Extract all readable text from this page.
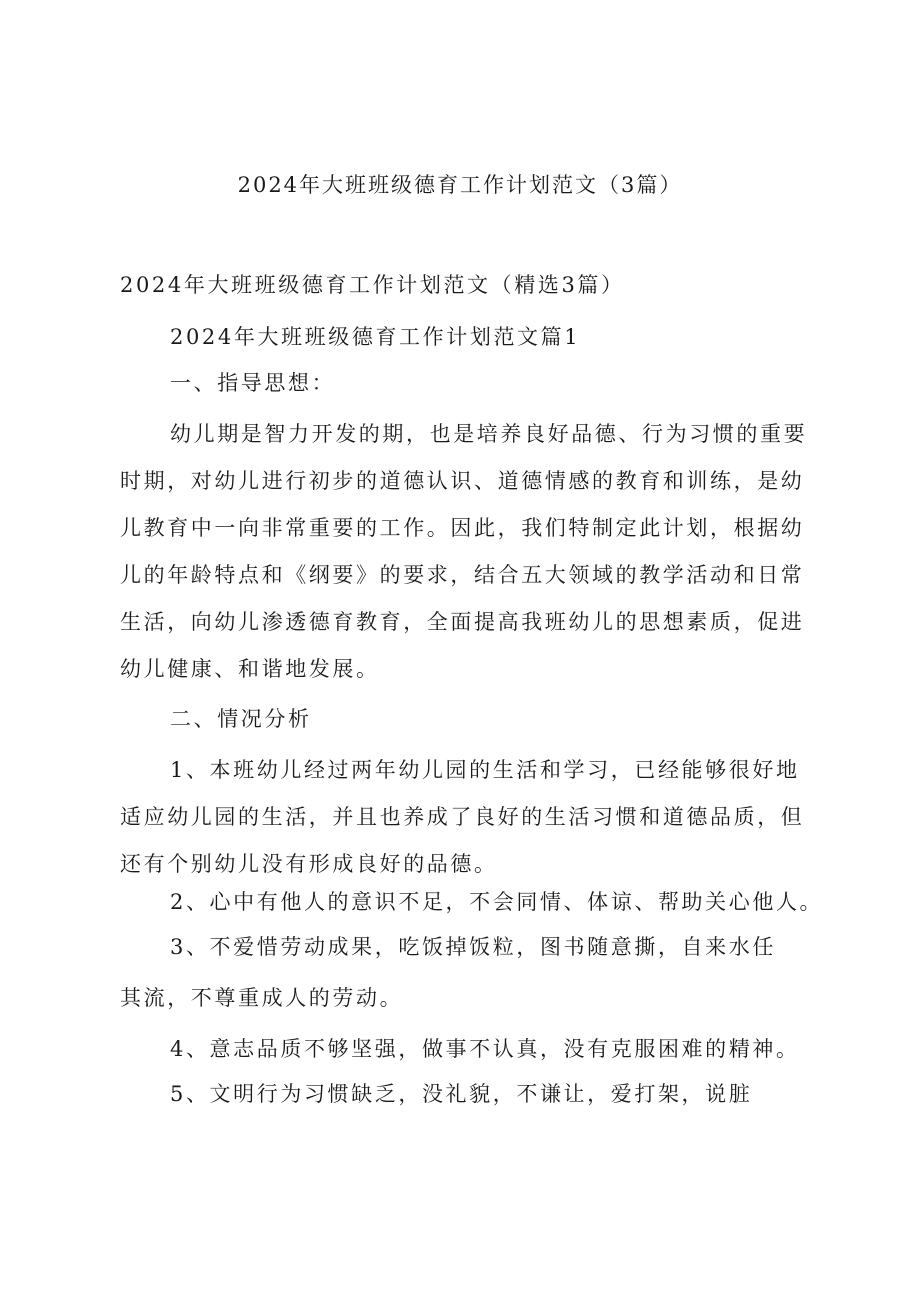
2024年大班班级德育工作计划范文（3篇）
2024年大班班级德育工作计划范文（精选3篇）
2024年大班班级德育工作计划范文篇1
一、指导思想：
幼儿期是智力开发的期，也是培养良好品德、行为习惯的重要时期，对幼儿进行初步的道德认识、道德情感的教育和训练，是幼儿教育中一向非常重要的工作。因此，我们特制定此计划，根据幼儿的年龄特点和《纲要》的要求，结合五大领域的教学活动和日常生活，向幼儿渗透德育教育，全面提高我班幼儿的思想素质，促进幼儿健康、和谐地发展。
二、情况分析
1、本班幼儿经过两年幼儿园的生活和学习，已经能够很好地适应幼儿园的生活，并且也养成了良好的生活习惯和道德品质，但还有个别幼儿没有形成良好的品德。
2、心中有他人的意识不足，不会同情、体谅、帮助关心他人。
3、不爱惜劳动成果，吃饭掉饭粒，图书随意撕，自来水任
其流，不尊重成人的劳动。
4、意志品质不够坚强，做事不认真，没有克服困难的精神。
5、文明行为习惯缺乏，没礼貌，不谦让，爱打架，说脏
